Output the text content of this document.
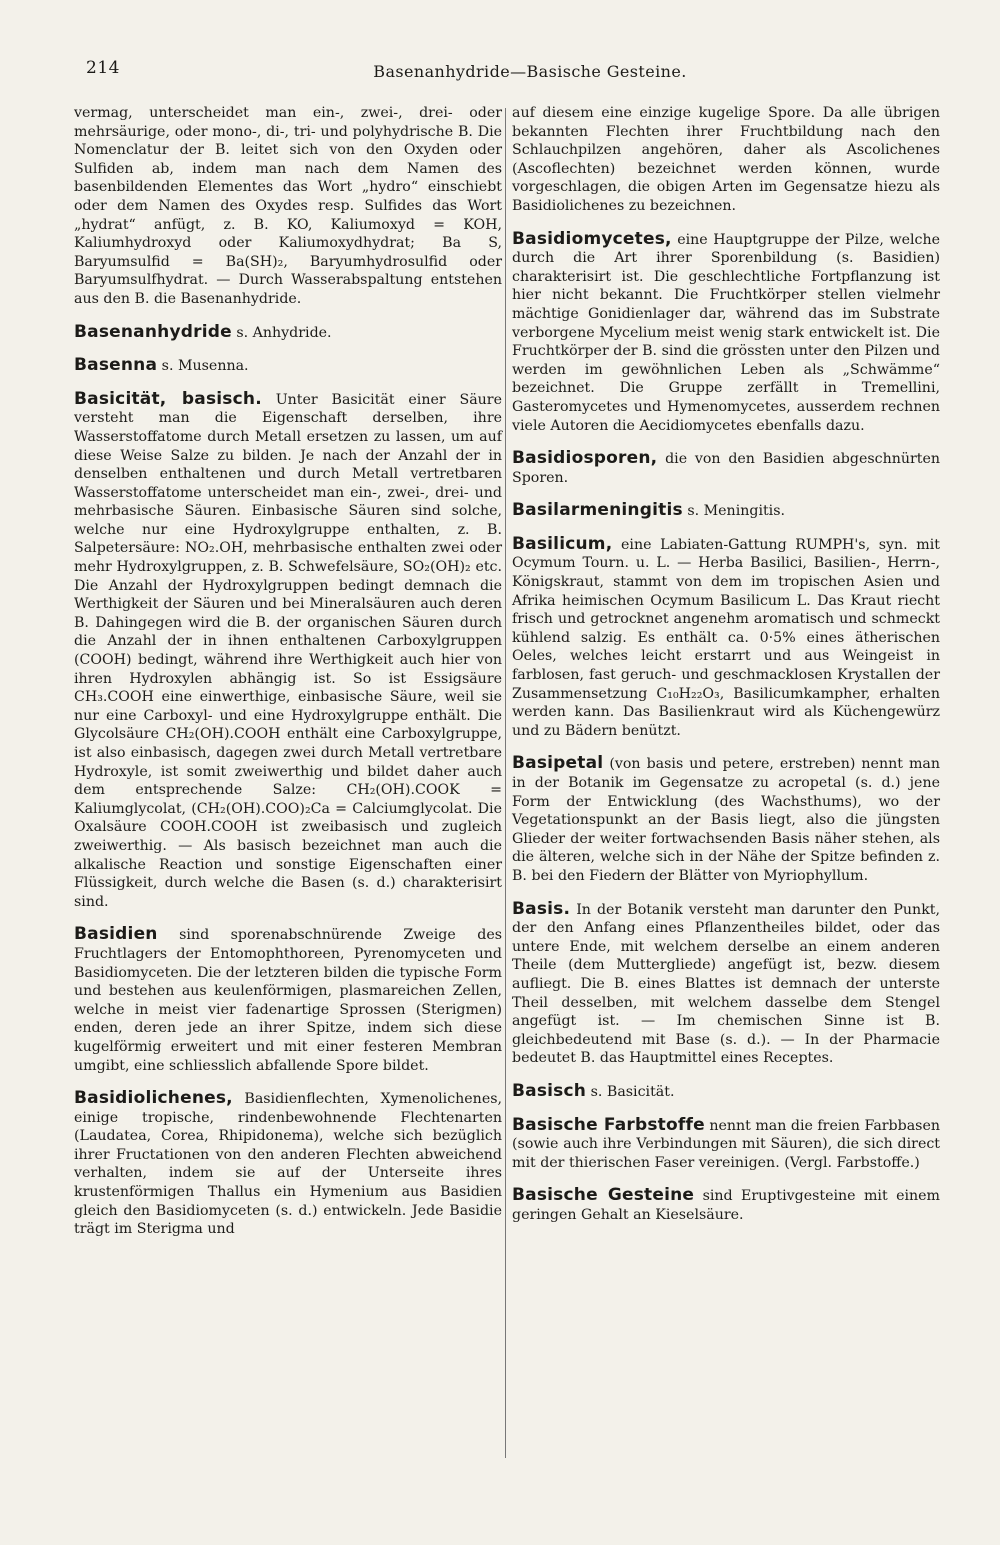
214	Basenanhydride—Basische Gesteine.

vermag, unterscheidet man ein-, zwei-, drei- oder mehrsäurige, oder mono-, di-, tri- und polyhydrische B. Die Nomenclatur der B. leitet sich von den Oxyden oder Sulfiden ab, indem man nach dem Namen des basenbildenden Elementes das Wort „hydro“ einschiebt oder dem Namen des Oxydes resp. Sulfides das Wort „hydrat“ anfügt, z. B. KO, Kaliumoxyd = KOH, Kaliumhydroxyd oder Kaliumoxydhydrat; Ba S, Baryumsulfid = Ba(SH)₂, Baryumhydrosulfid oder Baryumsulfhydrat. — Durch Wasserabspaltung entstehen aus den B. die Basenanhydride.

Basenanhydride s. Anhydride.

Basenna s. Musenna.

Basicität, basisch. Unter Basicität einer Säure versteht man die Eigenschaft derselben, ihre Wasserstoffatome durch Metall ersetzen zu lassen, um auf diese Weise Salze zu bilden. Je nach der Anzahl der in denselben enthaltenen und durch Metall vertretbaren Wasserstoffatome unterscheidet man ein-, zwei-, drei- und mehrbasische Säuren. Einbasische Säuren sind solche, welche nur eine Hydroxylgruppe enthalten, z. B. Salpetersäure: NO₂.OH, mehrbasische enthalten zwei oder mehr Hydroxylgruppen, z. B. Schwefelsäure, SO₂(OH)₂ etc. Die Anzahl der Hydroxylgruppen bedingt demnach die Werthigkeit der Säuren und bei Mineralsäuren auch deren B. Dahingegen wird die B. der organischen Säuren durch die Anzahl der in ihnen enthaltenen Carboxylgruppen (COOH) bedingt, während ihre Werthigkeit auch hier von ihren Hydroxylen abhängig ist. So ist Essigsäure CH₃.COOH eine einwerthige, einbasische Säure, weil sie nur eine Carboxyl- und eine Hydroxylgruppe enthält. Die Glycolsäure CH₂(OH).COOH enthält eine Carboxylgruppe, ist also einbasisch, dagegen zwei durch Metall vertretbare Hydroxyle, ist somit zweiwerthig und bildet daher auch dem entsprechende Salze: CH₂(OH).COOK = Kaliumglycolat, (CH₂(OH).COO)₂Ca = Calciumglycolat. Die Oxalsäure COOH.COOH ist zweibasisch und zugleich zweiwerthig. — Als basisch bezeichnet man auch die alkalische Reaction und sonstige Eigenschaften einer Flüssigkeit, durch welche die Basen (s. d.) charakterisirt sind.

Basidien sind sporenabschnürende Zweige des Fruchtlagers der Entomophthoreen, Pyrenomyceten und Basidiomyceten. Die der letzteren bilden die typische Form und bestehen aus keulenförmigen, plasmareichen Zellen, welche in meist vier fadenartige Sprossen (Sterigmen) enden, deren jede an ihrer Spitze, indem sich diese kugelförmig erweitert und mit einer festeren Membran umgibt, eine schliesslich abfallende Spore bildet.

Basidiolichenes, Basidienflechten, Xymenolichenes, einige tropische, rindenbewohnende Flechtenarten (Laudatea, Corea, Rhipidonema), welche sich bezüglich ihrer Fructationen von den anderen Flechten abweichend verhalten, indem sie auf der Unterseite ihres krustenförmigen Thallus ein Hymenium aus Basidien gleich den Basidiomyceten (s. d.) entwickeln. Jede Basidie trägt im Sterigma und

auf diesem eine einzige kugelige Spore. Da alle übrigen bekannten Flechten ihrer Fruchtbildung nach den Schlauchpilzen angehören, daher als Ascolichenes (Ascoflechten) bezeichnet werden können, wurde vorgeschlagen, die obigen Arten im Gegensatze hiezu als Basidiolichenes zu bezeichnen.

Basidiomycetes, eine Hauptgruppe der Pilze, welche durch die Art ihrer Sporenbildung (s. Basidien) charakterisirt ist. Die geschlechtliche Fortpflanzung ist hier nicht bekannt. Die Fruchtkörper stellen vielmehr mächtige Gonidienlager dar, während das im Substrate verborgene Mycelium meist wenig stark entwickelt ist. Die Fruchtkörper der B. sind die grössten unter den Pilzen und werden im gewöhnlichen Leben als „Schwämme“ bezeichnet. Die Gruppe zerfällt in Tremellini, Gasteromycetes und Hymenomycetes, ausserdem rechnen viele Autoren die Aecidiomycetes ebenfalls dazu.

Basidiosporen, die von den Basidien abgeschnürten Sporen.

Basilarmeningitis s. Meningitis.

Basilicum, eine Labiaten-Gattung RUMPH's, syn. mit Ocymum Tourn. u. L. — Herba Basilici, Basilien-, Herrn-, Königskraut, stammt von dem im tropischen Asien und Afrika heimischen Ocymum Basilicum L. Das Kraut riecht frisch und getrocknet angenehm aromatisch und schmeckt kühlend salzig. Es enthält ca. 0·5% eines ätherischen Oeles, welches leicht erstarrt und aus Weingeist in farblosen, fast geruch- und geschmacklosen Krystallen der Zusammensetzung C₁₀H₂₂O₃, Basilicumkampher, erhalten werden kann. Das Basilienkraut wird als Küchengewürz und zu Bädern benützt.

Basipetal (von basis und petere, erstreben) nennt man in der Botanik im Gegensatze zu acropetal (s. d.) jene Form der Entwicklung (des Wachsthums), wo der Vegetationspunkt an der Basis liegt, also die jüngsten Glieder der weiter fortwachsenden Basis näher stehen, als die älteren, welche sich in der Nähe der Spitze befinden z. B. bei den Fiedern der Blätter von Myriophyllum.

Basis. In der Botanik versteht man darunter den Punkt, der den Anfang eines Pflanzentheiles bildet, oder das untere Ende, mit welchem derselbe an einem anderen Theile (dem Muttergliede) angefügt ist, bezw. diesem aufliegt. Die B. eines Blattes ist demnach der unterste Theil desselben, mit welchem dasselbe dem Stengel angefügt ist. — Im chemischen Sinne ist B. gleichbedeutend mit Base (s. d.). — In der Pharmacie bedeutet B. das Hauptmittel eines Receptes.

Basisch s. Basicität.

Basische Farbstoffe nennt man die freien Farbbasen (sowie auch ihre Verbindungen mit Säuren), die sich direct mit der thierischen Faser vereinigen. (Vergl. Farbstoffe.)

Basische Gesteine sind Eruptivgesteine mit einem geringen Gehalt an Kieselsäure.
